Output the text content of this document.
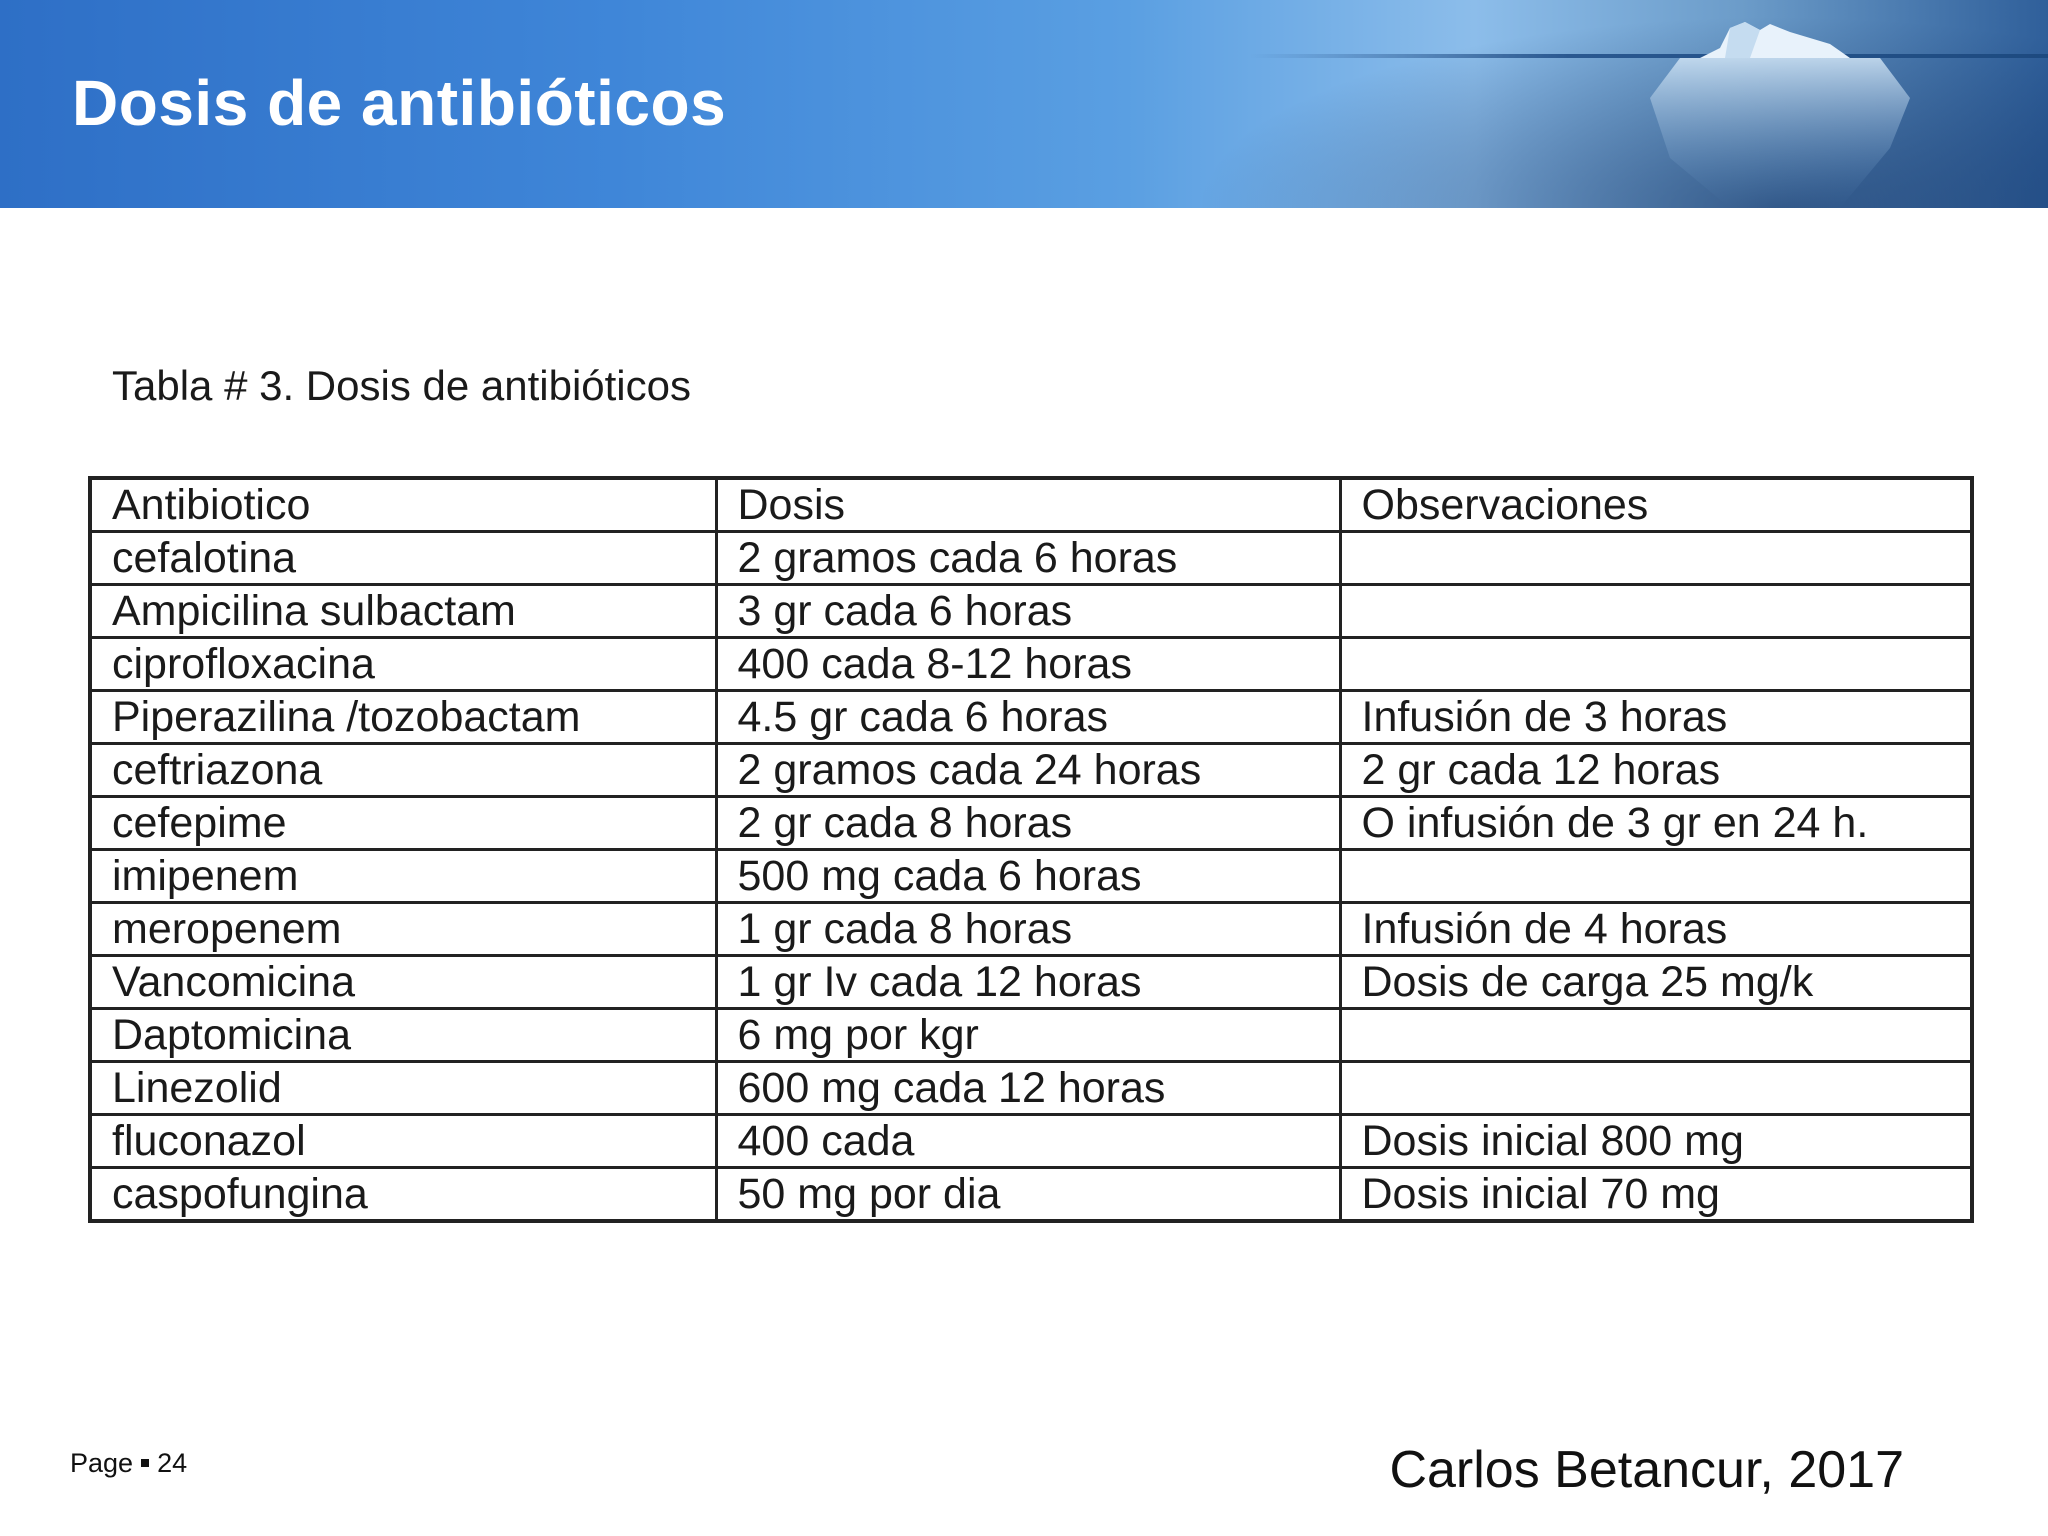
Dosis de antibióticos

Tabla # 3. Dosis de antibióticos

Antibiotico	Dosis	Observaciones
cefalotina	2 gramos cada 6 horas	
Ampicilina sulbactam	3 gr cada 6 horas	
ciprofloxacina	400 cada 8-12 horas	
Piperazilina /tozobactam	4.5 gr cada 6 horas	Infusión de 3 horas
ceftriazona	2 gramos cada 24 horas	2 gr cada 12 horas
cefepime	2 gr cada 8 horas	O infusión de 3 gr en 24 h.
imipenem	500 mg cada 6 horas	
meropenem	1 gr cada 8 horas	Infusión de 4 horas
Vancomicina	1 gr Iv cada 12 horas	Dosis de carga 25 mg/k
Daptomicina	6 mg por kgr	
Linezolid	600 mg cada 12 horas	
fluconazol	400 cada	Dosis inicial 800 mg
caspofungina	50 mg por dia	Dosis inicial 70 mg
Page 24	Carlos Betancur, 2017
